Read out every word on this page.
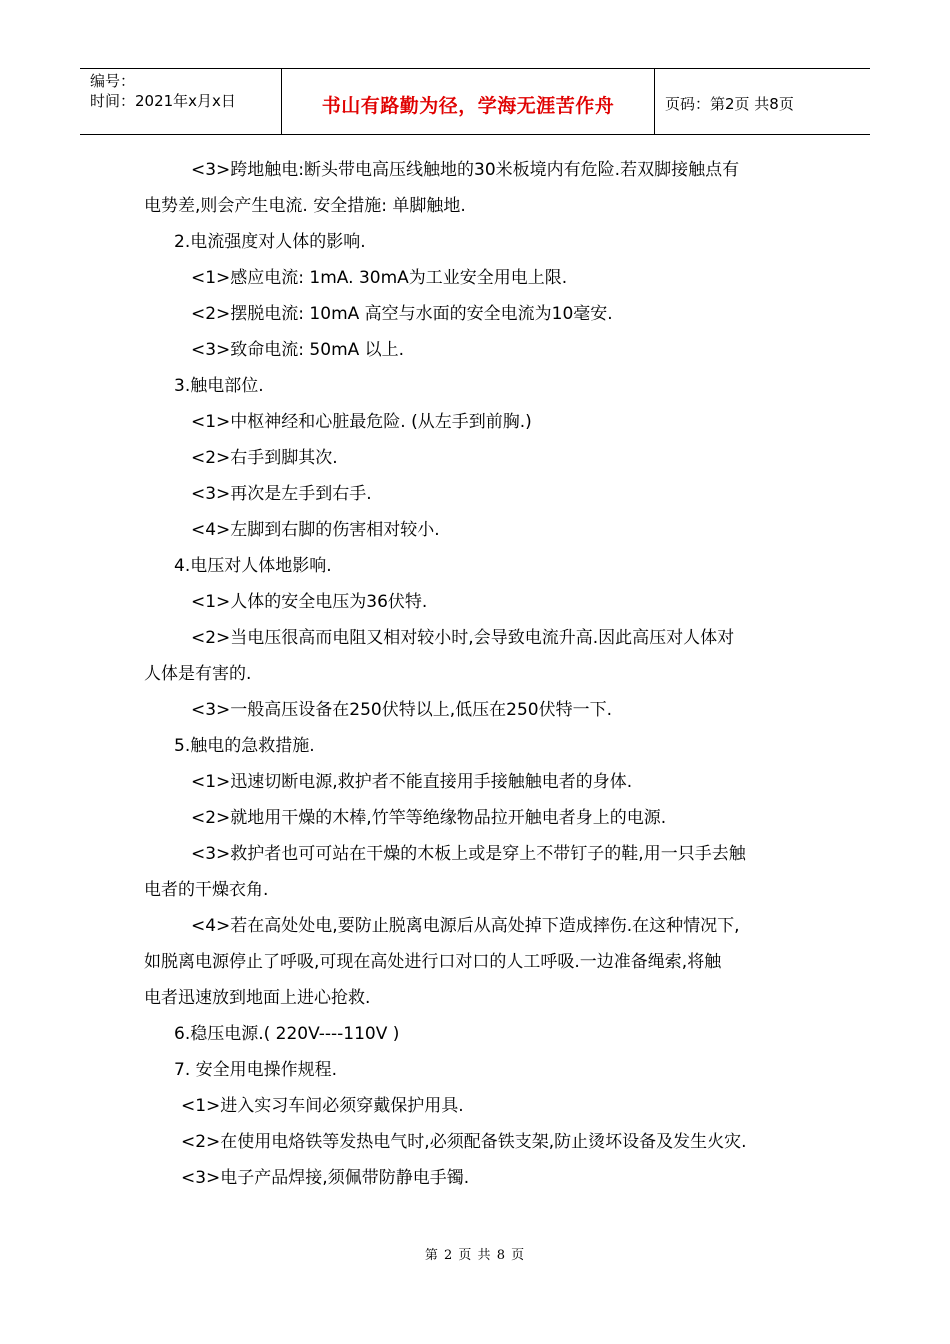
编号：
时间：2021年x月x日	书山有路勤为径，学海无涯苦作舟	页码：第2页 共8页

<3>跨地触电:断头带电高压线触地的30米板境内有危险.若双脚接触点有

电势差,则会产生电流. 安全措施: 单脚触地.

2.电流强度对人体的影响.

<1>感应电流: 1mA. 30mA为工业安全用电上限.

<2>摆脱电流: 10mA 高空与水面的安全电流为10毫安.

<3>致命电流: 50mA 以上.

3.触电部位.

<1>中枢神经和心脏最危险. (从左手到前胸.)

<2>右手到脚其次.

<3>再次是左手到右手.

<4>左脚到右脚的伤害相对较小.

4.电压对人体地影响.

<1>人体的安全电压为36伏特.

<2>当电压很高而电阻又相对较小时,会导致电流升高.因此高压对人体对

人体是有害的.

<3>一般高压设备在250伏特以上,低压在250伏特一下.

5.触电的急救措施.

<1>迅速切断电源,救护者不能直接用手接触触电者的身体.

<2>就地用干燥的木棒,竹竿等绝缘物品拉开触电者身上的电源.

<3>救护者也可可站在干燥的木板上或是穿上不带钉子的鞋,用一只手去触

电者的干燥衣角.

<4>若在高处处电,要防止脱离电源后从高处掉下造成摔伤.在这种情况下,

如脱离电源停止了呼吸,可现在高处进行口对口的人工呼吸.一边准备绳索,将触

电者迅速放到地面上进心抢救.

6.稳压电源.( 220V----110V )

7. 安全用电操作规程.

<1>进入实习车间必须穿戴保护用具.

<2>在使用电烙铁等发热电气时,必须配备铁支架,防止烫坏设备及发生火灾.

<3>电子产品焊接,须佩带防静电手镯.

第 2 页 共 8 页
